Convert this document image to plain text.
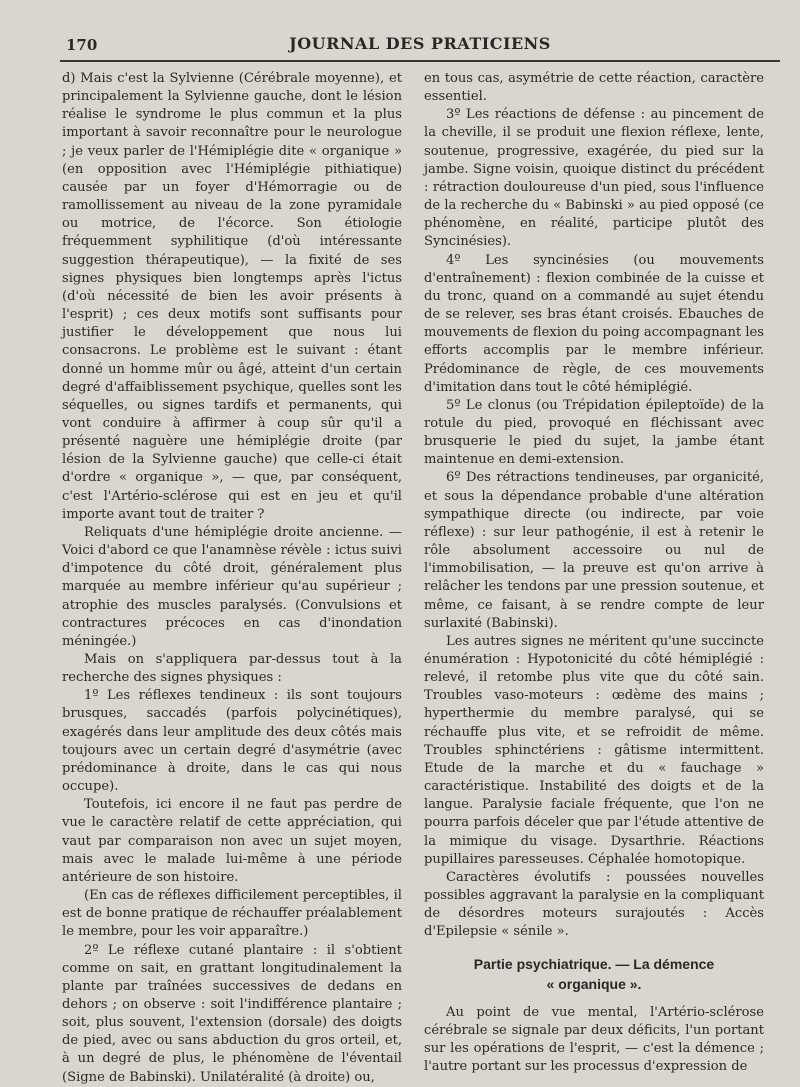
170	JOURNAL DES PRATICIENS

d) Mais c'est la Sylvienne (Cérébrale moyenne), et principalement la Sylvienne gauche, dont le lésion réalise le syndrome le plus commun et la plus important à savoir reconnaître pour le neurologue ; je veux parler de l'Hémiplégie dite « organique » (en opposition avec l'Hémiplégie pithiatique) causée par un foyer d'Hémorragie ou de ramollissement au niveau de la zone pyramidale ou motrice, de l'écorce. Son étiologie fréquemment syphilitique (d'où intéressante suggestion thérapeutique), — la fixité de ses signes physiques bien longtemps après l'ictus (d'où nécessité de bien les avoir présents à l'esprit) ; ces deux motifs sont suffisants pour justifier le développement que nous lui consacrons. Le problème est le suivant : étant donné un homme mûr ou âgé, atteint d'un certain degré d'affaiblissement psychique, quelles sont les séquelles, ou signes tardifs et permanents, qui vont conduire à affirmer à coup sûr qu'il a présenté naguère une hémiplégie droite (par lésion de la Sylvienne gauche) que celle-ci était d'ordre « organique », — que, par conséquent, c'est l'Artério-sclérose qui est en jeu et qu'il importe avant tout de traiter ?

Reliquats d'une hémiplégie droite ancienne. — Voici d'abord ce que l'anamnèse révèle : ictus suivi d'impotence du côté droit, généralement plus marquée au membre inférieur qu'au supérieur ; atrophie des muscles paralysés. (Convulsions et contractures précoces en cas d'inondation méningée.)

Mais on s'appliquera par-dessus tout à la recherche des signes physiques :

1º Les réflexes tendineux : ils sont toujours brusques, saccadés (parfois polycinétiques), exagérés dans leur amplitude des deux côtés mais toujours avec un certain degré d'asymétrie (avec prédominance à droite, dans le cas qui nous occupe).

Toutefois, ici encore il ne faut pas perdre de vue le caractère relatif de cette appréciation, qui vaut par comparaison non avec un sujet moyen, mais avec le malade lui-même à une période antérieure de son histoire.

(En cas de réflexes difficilement perceptibles, il est de bonne pratique de réchauffer préalablement le membre, pour les voir apparaître.)

2º Le réflexe cutané plantaire : il s'obtient comme on sait, en grattant longitudinalement la plante par traînées successives de dedans en dehors ; on observe : soit l'indifférence plantaire ; soit, plus souvent, l'extension (dorsale) des doigts de pied, avec ou sans abduction du gros orteil, et, à un degré de plus, le phénomène de l'éventail (Signe de Babinski). Unilatéralité (à droite) ou,

en tous cas, asymétrie de cette réaction, caractère essentiel.

3º Les réactions de défense : au pincement de la cheville, il se produit une flexion réflexe, lente, soutenue, progressive, exagérée, du pied sur la jambe. Signe voisin, quoique distinct du précédent : rétraction douloureuse d'un pied, sous l'influence de la recherche du « Babinski » au pied opposé (ce phénomène, en réalité, participe plutôt des Syncinésies).

4º Les syncinésies (ou mouvements d'entraînement) : flexion combinée de la cuisse et du tronc, quand on a commandé au sujet étendu de se relever, ses bras étant croisés. Ebauches de mouvements de flexion du poing accompagnant les efforts accomplis par le membre inférieur. Prédominance de règle, de ces mouvements d'imitation dans tout le côté hémiplégié.

5º Le clonus (ou Trépidation épileptoïde) de la rotule du pied, provoqué en fléchissant avec brusquerie le pied du sujet, la jambe étant maintenue en demi-extension.

6º Des rétractions tendineuses, par organicité, et sous la dépendance probable d'une altération sympathique directe (ou indirecte, par voie réflexe) : sur leur pathogénie, il est à retenir le rôle absolument accessoire ou nul de l'immobilisation, — la preuve est qu'on arrive à relâcher les tendons par une pression soutenue, et même, ce faisant, à se rendre compte de leur surlaxité (Babinski).

Les autres signes ne méritent qu'une succincte énumération : Hypotonicité du côté hémiplégié : relevé, il retombe plus vite que du côté sain. Troubles vaso-moteurs : œdème des mains ; hyperthermie du membre paralysé, qui se réchauffe plus vite, et se refroidit de même. Troubles sphinctériens : gâtisme intermittent. Etude de la marche et du « fauchage » caractéristique. Instabilité des doigts et de la langue. Paralysie faciale fréquente, que l'on ne pourra parfois déceler que par l'étude attentive de la mimique du visage. Dysarthrie. Réactions pupillaires paresseuses. Céphalée homotopique.

Caractères évolutifs : poussées nouvelles possibles aggravant la paralysie en la compliquant de désordres moteurs surajoutés : Accès d'Epilepsie « sénile ».

Partie psychiatrique. — La démence
« organique ».

Au point de vue mental, l'Artério-sclérose cérébrale se signale par deux déficits, l'un portant sur les opérations de l'esprit, — c'est la démence ; l'autre portant sur les processus d'expression de
